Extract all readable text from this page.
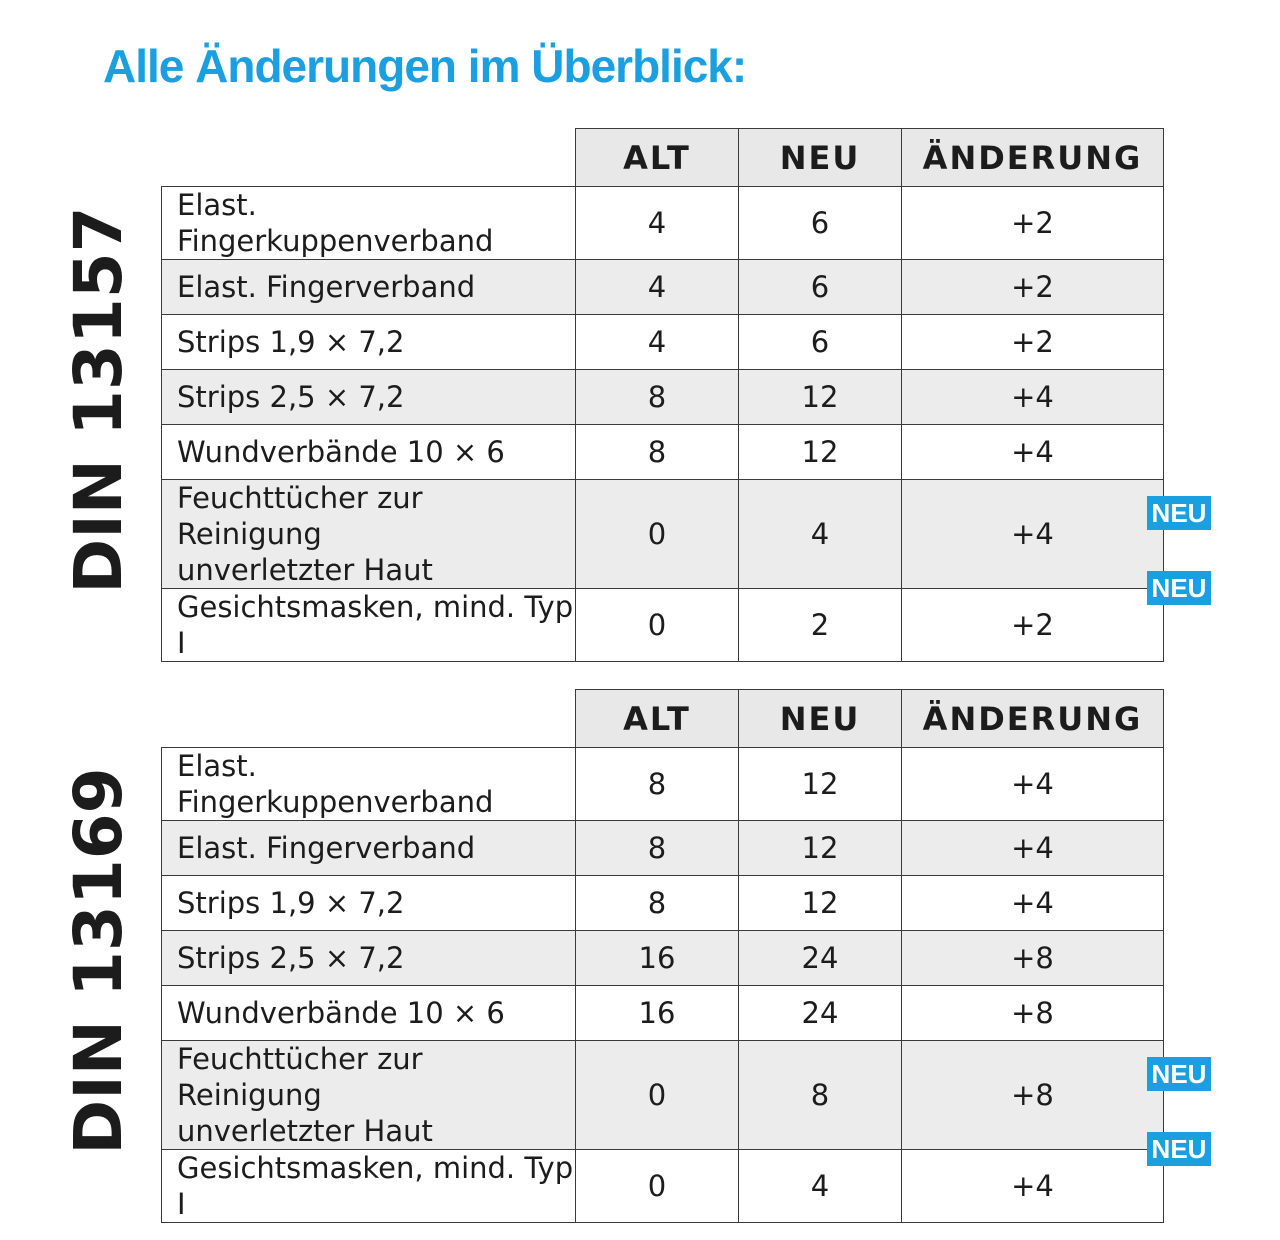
Alle Änderungen im Überblick:
DIN 13157
	ALT	NEU	ÄNDERUNG
Elast. Fingerkuppenverband	4	6	+2
Elast. Fingerverband	4	6	+2
Strips 1,9 × 7,2	4	6	+2
Strips 2,5 × 7,2	8	12	+4
Wundverbände 10 × 6	8	12	+4
Feuchttücher zur Reinigung
unverletzter Haut	0	4	+4
Gesichtsmasken, mind. Typ I	0	2	+2
NEU
NEU
DIN 13169
	ALT	NEU	ÄNDERUNG
Elast. Fingerkuppenverband	8	12	+4
Elast. Fingerverband	8	12	+4
Strips 1,9 × 7,2	8	12	+4
Strips 2,5 × 7,2	16	24	+8
Wundverbände 10 × 6	16	24	+8
Feuchttücher zur Reinigung
unverletzter Haut	0	8	+8
Gesichtsmasken, mind. Typ I	0	4	+4
NEU
NEU
